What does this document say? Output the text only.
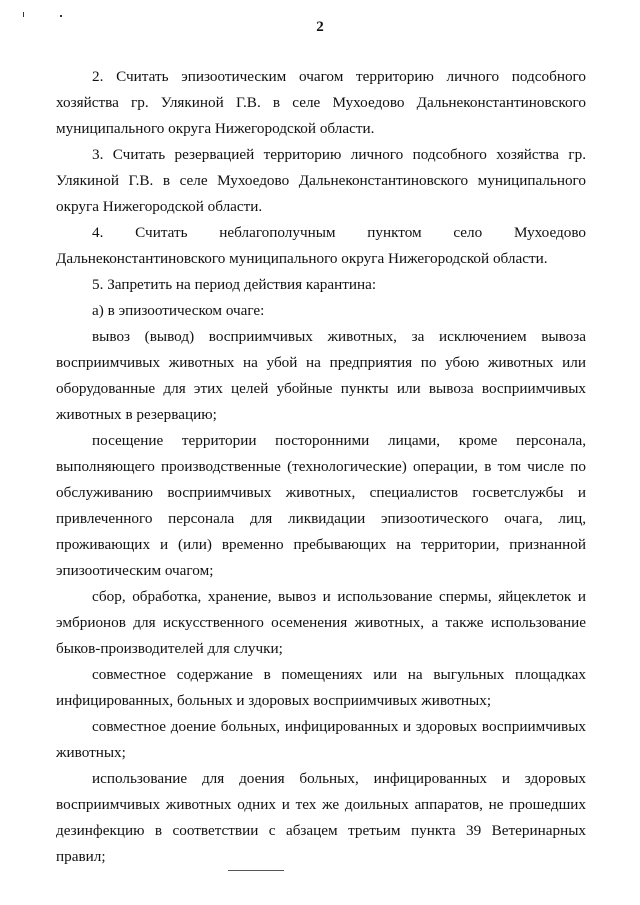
2

2. Считать эпизоотическим очагом территорию личного подсобного хозяйства гр. Улякиной Г.В. в селе Мухоедово Дальнеконстантиновского муниципального округа Нижегородской области.

3. Считать резервацией территорию личного подсобного хозяйства гр. Улякиной Г.В. в селе Мухоедово Дальнеконстантиновского муниципального округа Нижегородской области.

4. Считать неблагополучным пунктом село Мухоедово Дальнеконстантиновского муниципального округа Нижегородской области.

5. Запретить на период действия карантина:

а) в эпизоотическом очаге:

вывоз (вывод) восприимчивых животных, за исключением вывоза восприимчивых животных на убой на предприятия по убою животных или оборудованные для этих целей убойные пункты или вывоза восприимчивых животных в резервацию;

посещение территории посторонними лицами, кроме персонала, выполняющего производственные (технологические) операции, в том числе по обслуживанию восприимчивых животных, специалистов госветслужбы и привлеченного персонала для ликвидации эпизоотического очага, лиц, проживающих и (или) временно пребывающих на территории, признанной эпизоотическим очагом;

сбор, обработка, хранение, вывоз и использование спермы, яйцеклеток и эмбрионов для искусственного осеменения животных, а также использование быков-производителей для случки;

совместное содержание в помещениях или на выгульных площадках инфицированных, больных и здоровых восприимчивых животных;

совместное доение больных, инфицированных и здоровых восприимчивых животных;

использование для доения больных, инфицированных и здоровых восприимчивых животных одних и тех же доильных аппаратов, не прошедших дезинфекцию в соответствии с абзацем третьим пункта 39 Ветеринарных правил;
